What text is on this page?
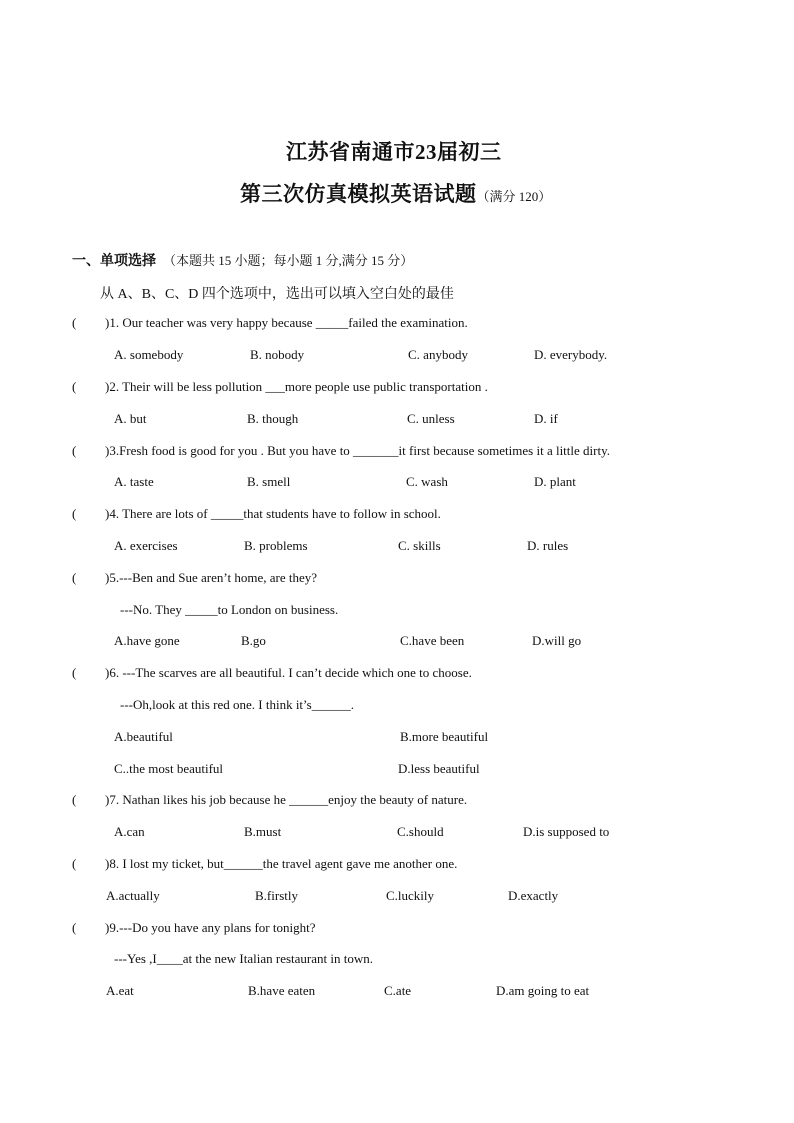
江苏省南通市23届初三
第三次仿真模拟英语试题（满分 120）
一、单项选择 （本题共 15 小题；每小题 1 分,满分 15 分）
从 A、B、C、D 四个选项中，选出可以填入空白处的最佳
( )1. Our teacher was very happy because _____failed the examination.
A. somebody	B. nobody	C. anybody	D. everybody.
( )2. Their will be less pollution ___more people use public transportation .
A. but	B. though	C. unless	D. if
( )3.Fresh food is good for you . But you have to _______it first because sometimes it a little dirty.
A. taste	B. smell	C. wash	D. plant
( )4. There are lots of _____that students have to follow in school.
A. exercises	B. problems	C. skills	D. rules
( )5.---Ben and Sue aren’t home, are they?
---No. They _____to London on business.
A.have gone	B.go	C.have been	D.will go
( )6. ---The scarves are all beautiful. I can’t decide which one to choose.
---Oh,look at this red one. I think it’s______.
A.beautiful	B.more beautiful
C..the most beautiful	D.less beautiful
( )7. Nathan likes his job because he ______enjoy the beauty of nature.
A.can	B.must	C.should	D.is supposed to
( )8. I lost my ticket, but______the travel agent gave me another one.
A.actually	B.firstly	C.luckily	D.exactly
( )9.---Do you have any plans for tonight?
---Yes ,I____at the new Italian restaurant in town.
A.eat	B.have eaten	C.ate	D.am going to eat
